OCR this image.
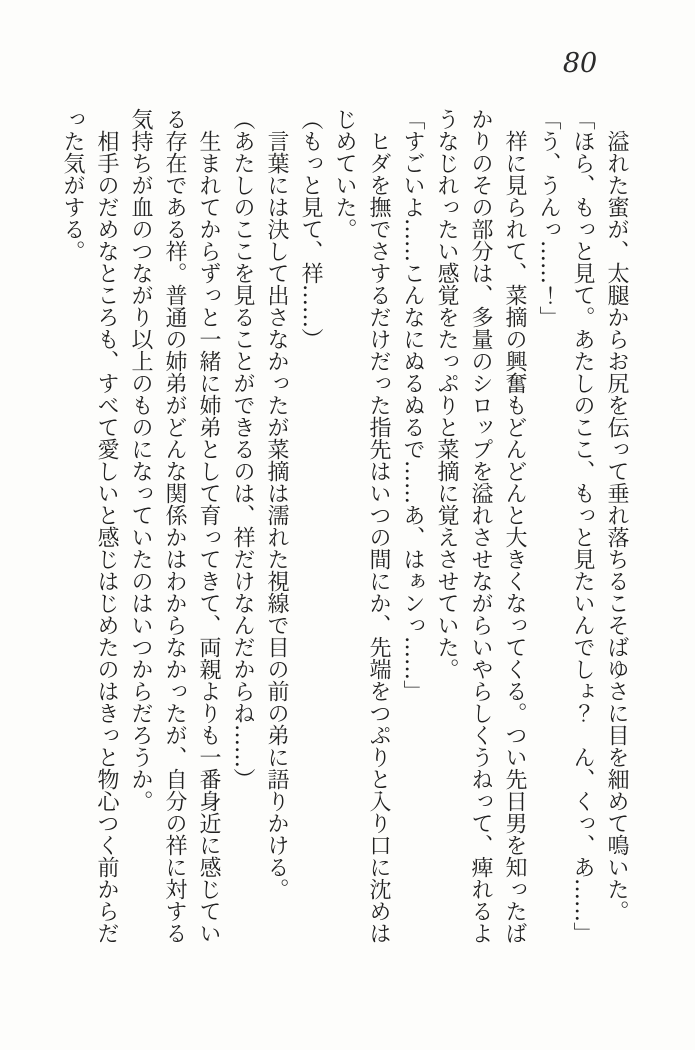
80

溢れた蜜が、太腿からお尻を伝って垂れ落ちるこそばゆさに目を細めて鳴いた。

「ほら、もっと見て。あたしのここ、もっと見たいんでしょ？　ん、くっ、あ……」

「う、うんっ……！」

祥に見られて、菜摘の興奮もどんどんと大きくなってくる。つい先日男を知ったばかりのその部分は、多量のシロップを溢れさせながらいやらしくうねって、痺れるようなじれったい感覚をたっぷりと菜摘に覚えさせていた。

「すごいよ……こんなにぬるぬるで……あ、はぁンっ……」

ヒダを撫でさするだけだった指先はいつの間にか、先端をつぷりと入り口に沈めはじめていた。

（もっと見て、祥……）

言葉には決して出さなかったが菜摘は濡れた視線で目の前の弟に語りかける。

（あたしのここを見ることができるのは、祥だけなんだからね……）

生まれてからずっと一緒に姉弟として育ってきて、両親よりも一番身近に感じている存在である祥。普通の姉弟がどんな関係かはわからなかったが、自分の祥に対する気持ちが血のつながり以上のものになっていたのはいつからだろうか。

相手のだめなところも、すべて愛しいと感じはじめたのはきっと物心つく前からだった気がする。
